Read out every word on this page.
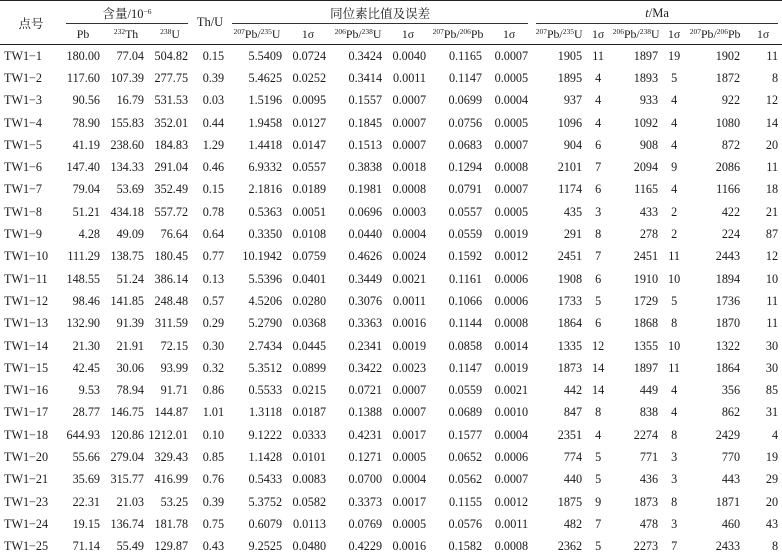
点号	含量$/10^{-6}$			Th/U	同位素比值及误差						t/Ma					
	Pb	$^{232}$Th	$^{238}$U		$^{207}$Pb/$^{235}$U	1σ	$^{206}$Pb/$^{238}$U	1σ	$^{207}$Pb/$^{206}$Pb	1σ	$^{207}$Pb/$^{235}$U	1σ	$^{206}$Pb/$^{238}$U	1σ	$^{207}$Pb/$^{206}$Pb	1σ
TW1−1	180.00	77.04	504.82	0.15	5.5409	0.0724	0.3424	0.0040	0.1165	0.0007	1905	11	1897	19	1902	11
TW1−2	117.60	107.39	277.75	0.39	5.4625	0.0252	0.3414	0.0011	0.1147	0.0005	1895	4	1893	5	1872	8
TW1−3	90.56	16.79	531.53	0.03	1.5196	0.0095	0.1557	0.0007	0.0699	0.0004	937	4	933	4	922	12
TW1−4	78.90	155.83	352.01	0.44	1.9458	0.0127	0.1845	0.0007	0.0756	0.0005	1096	4	1092	4	1080	14
TW1−5	41.19	238.60	184.83	1.29	1.4418	0.0147	0.1513	0.0007	0.0683	0.0007	904	6	908	4	872	20
TW1−6	147.40	134.33	291.04	0.46	6.9332	0.0557	0.3838	0.0018	0.1294	0.0008	2101	7	2094	9	2086	11
TW1−7	79.04	53.69	352.49	0.15	2.1816	0.0189	0.1981	0.0008	0.0791	0.0007	1174	6	1165	4	1166	18
TW1−8	51.21	434.18	557.72	0.78	0.5363	0.0051	0.0696	0.0003	0.0557	0.0005	435	3	433	2	422	21
TW1−9	4.28	49.09	76.64	0.64	0.3350	0.0108	0.0440	0.0004	0.0559	0.0019	291	8	278	2	224	87
TW1−10	111.29	138.75	180.45	0.77	10.1942	0.0759	0.4626	0.0024	0.1592	0.0012	2451	7	2451	11	2443	12
TW1−11	148.55	51.24	386.14	0.13	5.5396	0.0401	0.3449	0.0021	0.1161	0.0006	1908	6	1910	10	1894	10
TW1−12	98.46	141.85	248.48	0.57	4.5206	0.0280	0.3076	0.0011	0.1066	0.0006	1733	5	1729	5	1736	11
TW1−13	132.90	91.39	311.59	0.29	5.2790	0.0368	0.3363	0.0016	0.1144	0.0008	1864	6	1868	8	1870	11
TW1−14	21.30	21.91	72.15	0.30	2.7434	0.0445	0.2341	0.0019	0.0858	0.0014	1335	12	1355	10	1322	30
TW1−15	42.45	30.06	93.99	0.32	5.3512	0.0899	0.3422	0.0023	0.1147	0.0019	1873	14	1897	11	1864	30
TW1−16	9.53	78.94	91.71	0.86	0.5533	0.0215	0.0721	0.0007	0.0559	0.0021	442	14	449	4	356	85
TW1−17	28.77	146.75	144.87	1.01	1.3118	0.0187	0.1388	0.0007	0.0689	0.0010	847	8	838	4	862	31
TW1−18	644.93	120.86	1212.01	0.10	9.1222	0.0333	0.4231	0.0017	0.1577	0.0004	2351	4	2274	8	2429	4
TW1−20	55.66	279.04	329.43	0.85	1.1428	0.0101	0.1271	0.0005	0.0652	0.0006	774	5	771	3	770	19
TW1−21	35.69	315.77	416.99	0.76	0.5433	0.0083	0.0700	0.0004	0.0562	0.0007	440	5	436	3	443	29
TW1−23	22.31	21.03	53.25	0.39	5.3752	0.0582	0.3373	0.0017	0.1155	0.0012	1875	9	1873	8	1871	20
TW1−24	19.15	136.74	181.78	0.75	0.6079	0.0113	0.0769	0.0005	0.0576	0.0011	482	7	478	3	460	43
TW1−25	71.14	55.49	129.87	0.43	9.2525	0.0480	0.4229	0.0016	0.1582	0.0008	2362	5	2273	7	2433	8
